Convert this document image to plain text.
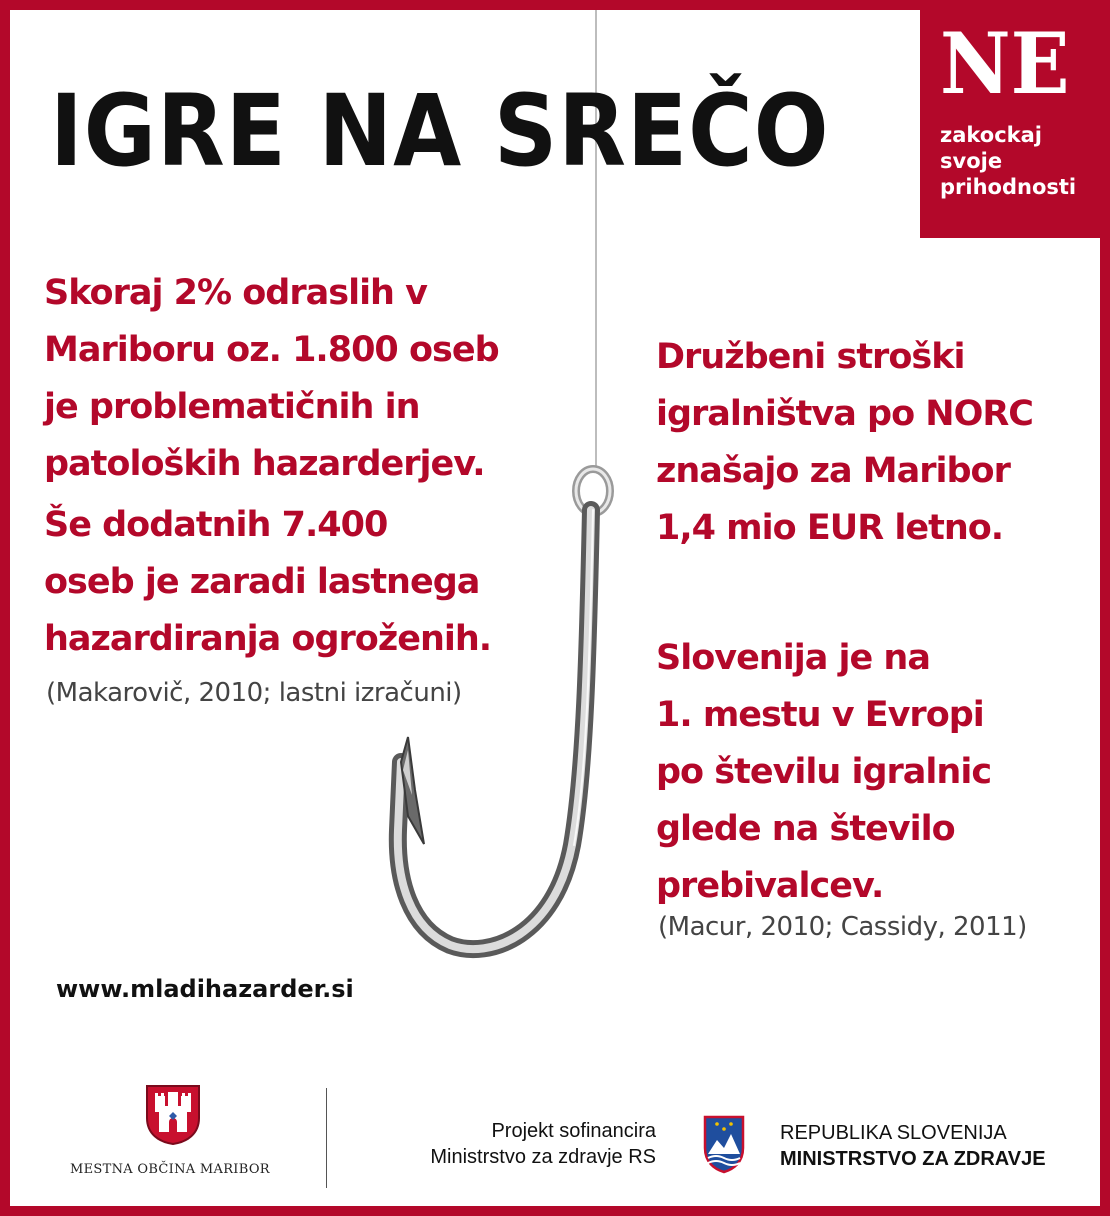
IGRE NA SREČO
NE
zakockaj
svoje
prihodnosti

Skoraj 2% odraslih v
Mariboru oz. 1.800 oseb
je problematičnih in
patoloških hazarderjev.

Še dodatnih 7.400
oseb je zaradi lastnega
hazardiranja ogroženih.

(Makarovič, 2010; lastni izračuni)

Družbeni stroški
igralništva po NORC
znašajo za Maribor
1,4 mio EUR letno.

Slovenija je na
1. mestu v Evropi
po številu igralnic
glede na število
prebivalcev.

(Macur, 2010; Cassidy, 2011)
www.mladihazarder.si
MESTNA OBČINA MARIBOR
Projekt sofinancira
Ministrstvo za zdravje RS
REPUBLIKA SLOVENIJA
MINISTRSTVO ZA ZDRAVJE
